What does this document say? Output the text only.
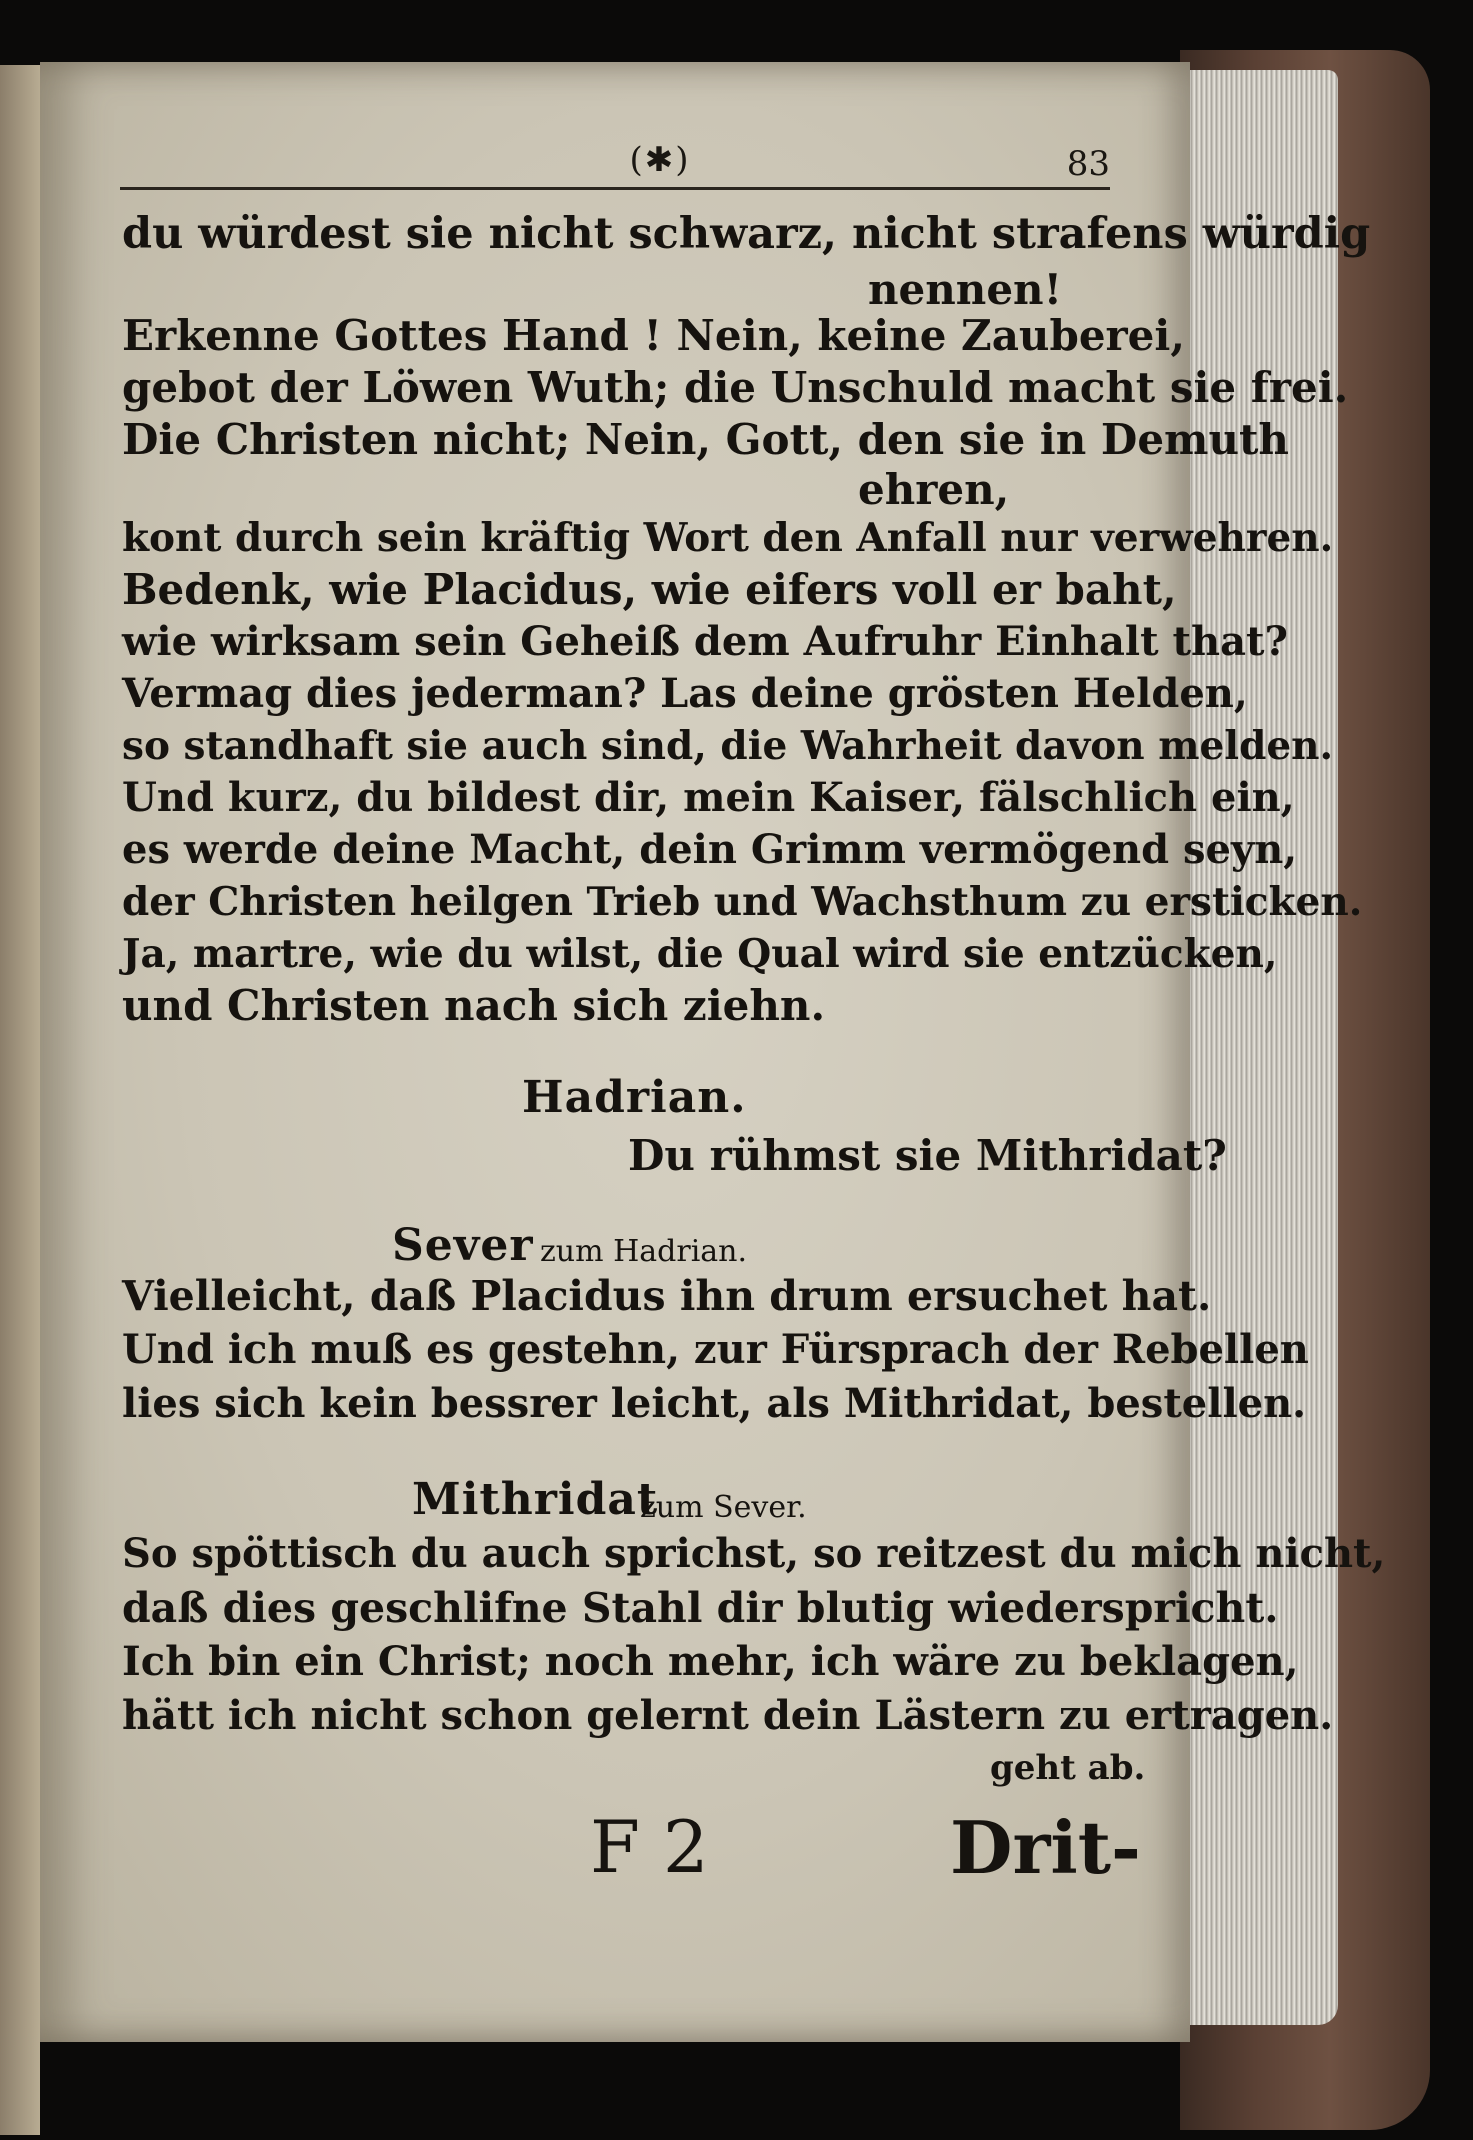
(✱)	83
du würdest sie nicht schwarz, nicht strafens würdig
nennen!
Erkenne Gottes Hand ! Nein, keine Zauberei,
gebot der Löwen Wuth; die Unschuld macht sie frei.
Die Christen nicht; Nein, Gott, den sie in Demuth
ehren,
kont durch sein kräftig Wort den Anfall nur verwehren.
Bedenk, wie Placidus, wie eifers voll er baht,
wie wirksam sein Geheiß dem Aufruhr Einhalt that?
Vermag dies jederman? Las deine grösten Helden,
so standhaft sie auch sind, die Wahrheit davon melden.
Und kurz, du bildest dir, mein Kaiser, fälschlich ein,
es werde deine Macht, dein Grimm vermögend seyn,
der Christen heilgen Trieb und Wachsthum zu ersticken.
Ja, martre, wie du wilst, die Qual wird sie entzücken,
und Christen nach sich ziehn.
Hadrian.
Du rühmst sie Mithridat?
Sever zum Hadrian.
Vielleicht, daß Placidus ihn drum ersuchet hat.
Und ich muß es gestehn, zur Fürsprach der Rebellen
lies sich kein bessrer leicht, als Mithridat, bestellen.
Mithridat
zum Sever.
So spöttisch du auch sprichst, so reitzest du mich nicht,
daß dies geschlifne Stahl dir blutig wiederspricht.
Ich bin ein Christ; noch mehr, ich wäre zu beklagen,
hätt ich nicht schon gelernt dein Lästern zu ertragen.
geht ab.
F 2	Drit-
